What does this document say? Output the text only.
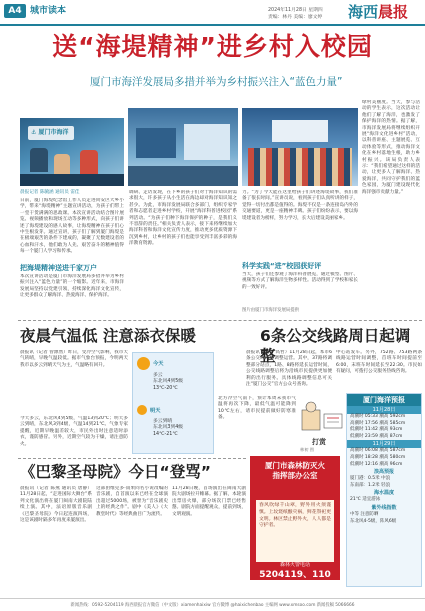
A4 城市读本	2024年11月28日 星期四
责编：林丹 美编：廖文婷 海西晨报
送“海堤精神”进乡村入校园
厦门市海洋发展局多措并举为乡村振兴注入“蓝色力量”
⚓ 厦门市海洋
晨报记者 陈毓涵 通讯员 雷佳
日前，厦门海堤纪念馆工作人员走进同安区大乡小学，带来“海堤精神”主题宣讲活动，为孩子们带上一堂干货满满的思政课。本次宣讲活动结合图片展览、视频播放和现场互动等多种形式，向孩子们讲述了海堤建设的感人故事，让海堤精神在孩子们心中生根发芽。通过宣讲，孩子们了解到厦门海堤是在极端艰苦的条件下建成的，凝聚了无数建设者的心血和汗水，他们敢为人先、艰苦奋斗的精神值得每一个厦门人学习和传承。
把海堤精神送进千家万户
本次宣讲活动是厦门市海洋发展局多措并举为乡村振兴注入“蓝色力量”的一个缩影。近年来，市海洋发展局坚持以党建引领，持续深化海洋文化宣传，让更多群众了解海洋、热爱海洋、保护海洋。
调研、走访发现，在下乡的孩子们对于海洋知识的需求很大，许多孩子从小生活在海边却对海洋知识知之甚少。为此，市海洋发展局联合多部门，组织专家学者和志愿者走进乡村学校，开展“海洋科普进校园”系列活动。“为孩子们种下海洋保护的种子，是我们义不容辞的责任。”相关负责人表示，接下来将继续加大海洋科普和海洋文化宣传力度，推动更多优质资源下沉到乡村，让乡村的孩子们也能享受到丰富多彩的海洋教育资源。
力。“为了今天能在这里给孩子们讲述海堤故事，我们准备了很长时间。”宣讲员说，看到孩子们认真听讲的样子，觉得一切付出都是值得的。海堤不仅是一条连接岛内外的交通要道，更是一座精神丰碑。孩子们纷纷表示，要以海堤建设者为榜样，努力学习，长大后建设美丽家乡。
科学实践“进”校园获好评
当天，孩子们还参观了海洋科普展览，通过模型、图片、视频等方式了解海洋生物多样性。活动得到了学校和家长的一致好评。
图片由厦门市海洋发展局提供
绿村美丽度。当天，参与活动的学生表示，这次活动让他们了解了海洋，也激发了保护海洋的热情。据了解，市海洋发展局将继续组织开展“海洋文化进乡村”活动，以科普讲座、主题展览、互动体验等形式，推动海洋文化在乡村落地生根，助力乡村振兴。该局负责人表示：“我们希望通过这样的活动，让更多人了解海洋、热爱海洋，共同守护我们的蓝色家园，为厦门建设现代化海洋强市贡献力量。”
夜晨气温低 注意添衣保暖
晨报讯（记者 曾源然）昨日，受冷空气影响，我市天气转晴，早晚气温较低。据市气象台预报，今明两天我市以多云到晴天气为主，气温略有回升。
今天多云，东北风4到5级，气温13到20℃；明天多云到晴，东北风3到4级，气温14到21℃。气象专家提醒，近期早晚温差较大，市民外出时注意适时添衣，谨防感冒。另外，近期空气较为干燥，请注意防火。
今天
多云
东北风4到5级
13℃-20℃
明天
多云到晴
东北风3到4级
14℃-21℃
6条公交线路周日起调整
晨报讯（记者 高哲）11月28日起，本市6条公交线路将调整运营。其中，37路将调整部分站点，1路、8路将延长运营时间，公交线路调整后将为沿线市民提供更加便利的出行服务。具体线路调整信息可关注“厦门公交”官方公众号查询。
中心站发车。另外，752路、753路两条线路运营时间调整，首班车时间提前至6:00，末班车时间延长至22:30。市民如有疑问，可拨打公交服务热线咨询。
北方冷空气南下，预计本周末我市气温将再次下降，最低气温可能降到10℃左右，请市民提前做好防寒准备。
打赏
林初 图
《巴黎圣母院》今日“登骂”
晨报讯（记者 陈燕 通讯员 唐静）11月28日起，“走进国际大舞台”系列文化演出将在厦门闽南大剧院陆续上演。其中，法语原版音乐剧《巴黎圣母院》今日起连演四场，这是该剧时隔多年再度来厦演出。
这部由维克多·雨果同名小说改编的音乐剧，自首演以来已经在全球演出超过5000场，被誉为“音乐剧史上的经典之作”。剧中《美人》《大教堂时代》等经典曲目广为流传。
11月28日晚，首场演出在闽南大剧院大剧场拉开帷幕。据了解，本轮演出票房火爆，部分场次门票已经售罄。剧院方面提醒观众，提前到场，文明观演。
厦门市森林防灭火
指挥部办公室
春风吹绿千山翠，野外用火须谨慎。上坟烧纸酿灾祸，鲜花祭祀更文明。林区禁止野外火，人人都是守护者。
森林火警电话
5204119、110
厦门海洋预报
11月28日
高潮时 05:33 潮高 592cm
高潮时 17:56 潮高 585cm
低潮时 11:42 潮高 93cm
低潮时 23:59 潮高 87cm
11月29日
高潮时 06:08 潮高 587cm
高潮时 18:28 潮高 580cm
低潮时 12:16 潮高 96cm
浪高预报
厦门港：0.5米 中浪
东南部：1.2米 轻浪
海水温度
21℃ 适宜游泳
紫外线指数
中等 注意防晒
东北风4-5级，阵风6级
新闻热线：0592-5204119 海西晨报官方微信（中文版）xiamenhaixiw 官方微博 @haixichenbao 主编网 www.xmsoo.com 新闻投稿 5066666
